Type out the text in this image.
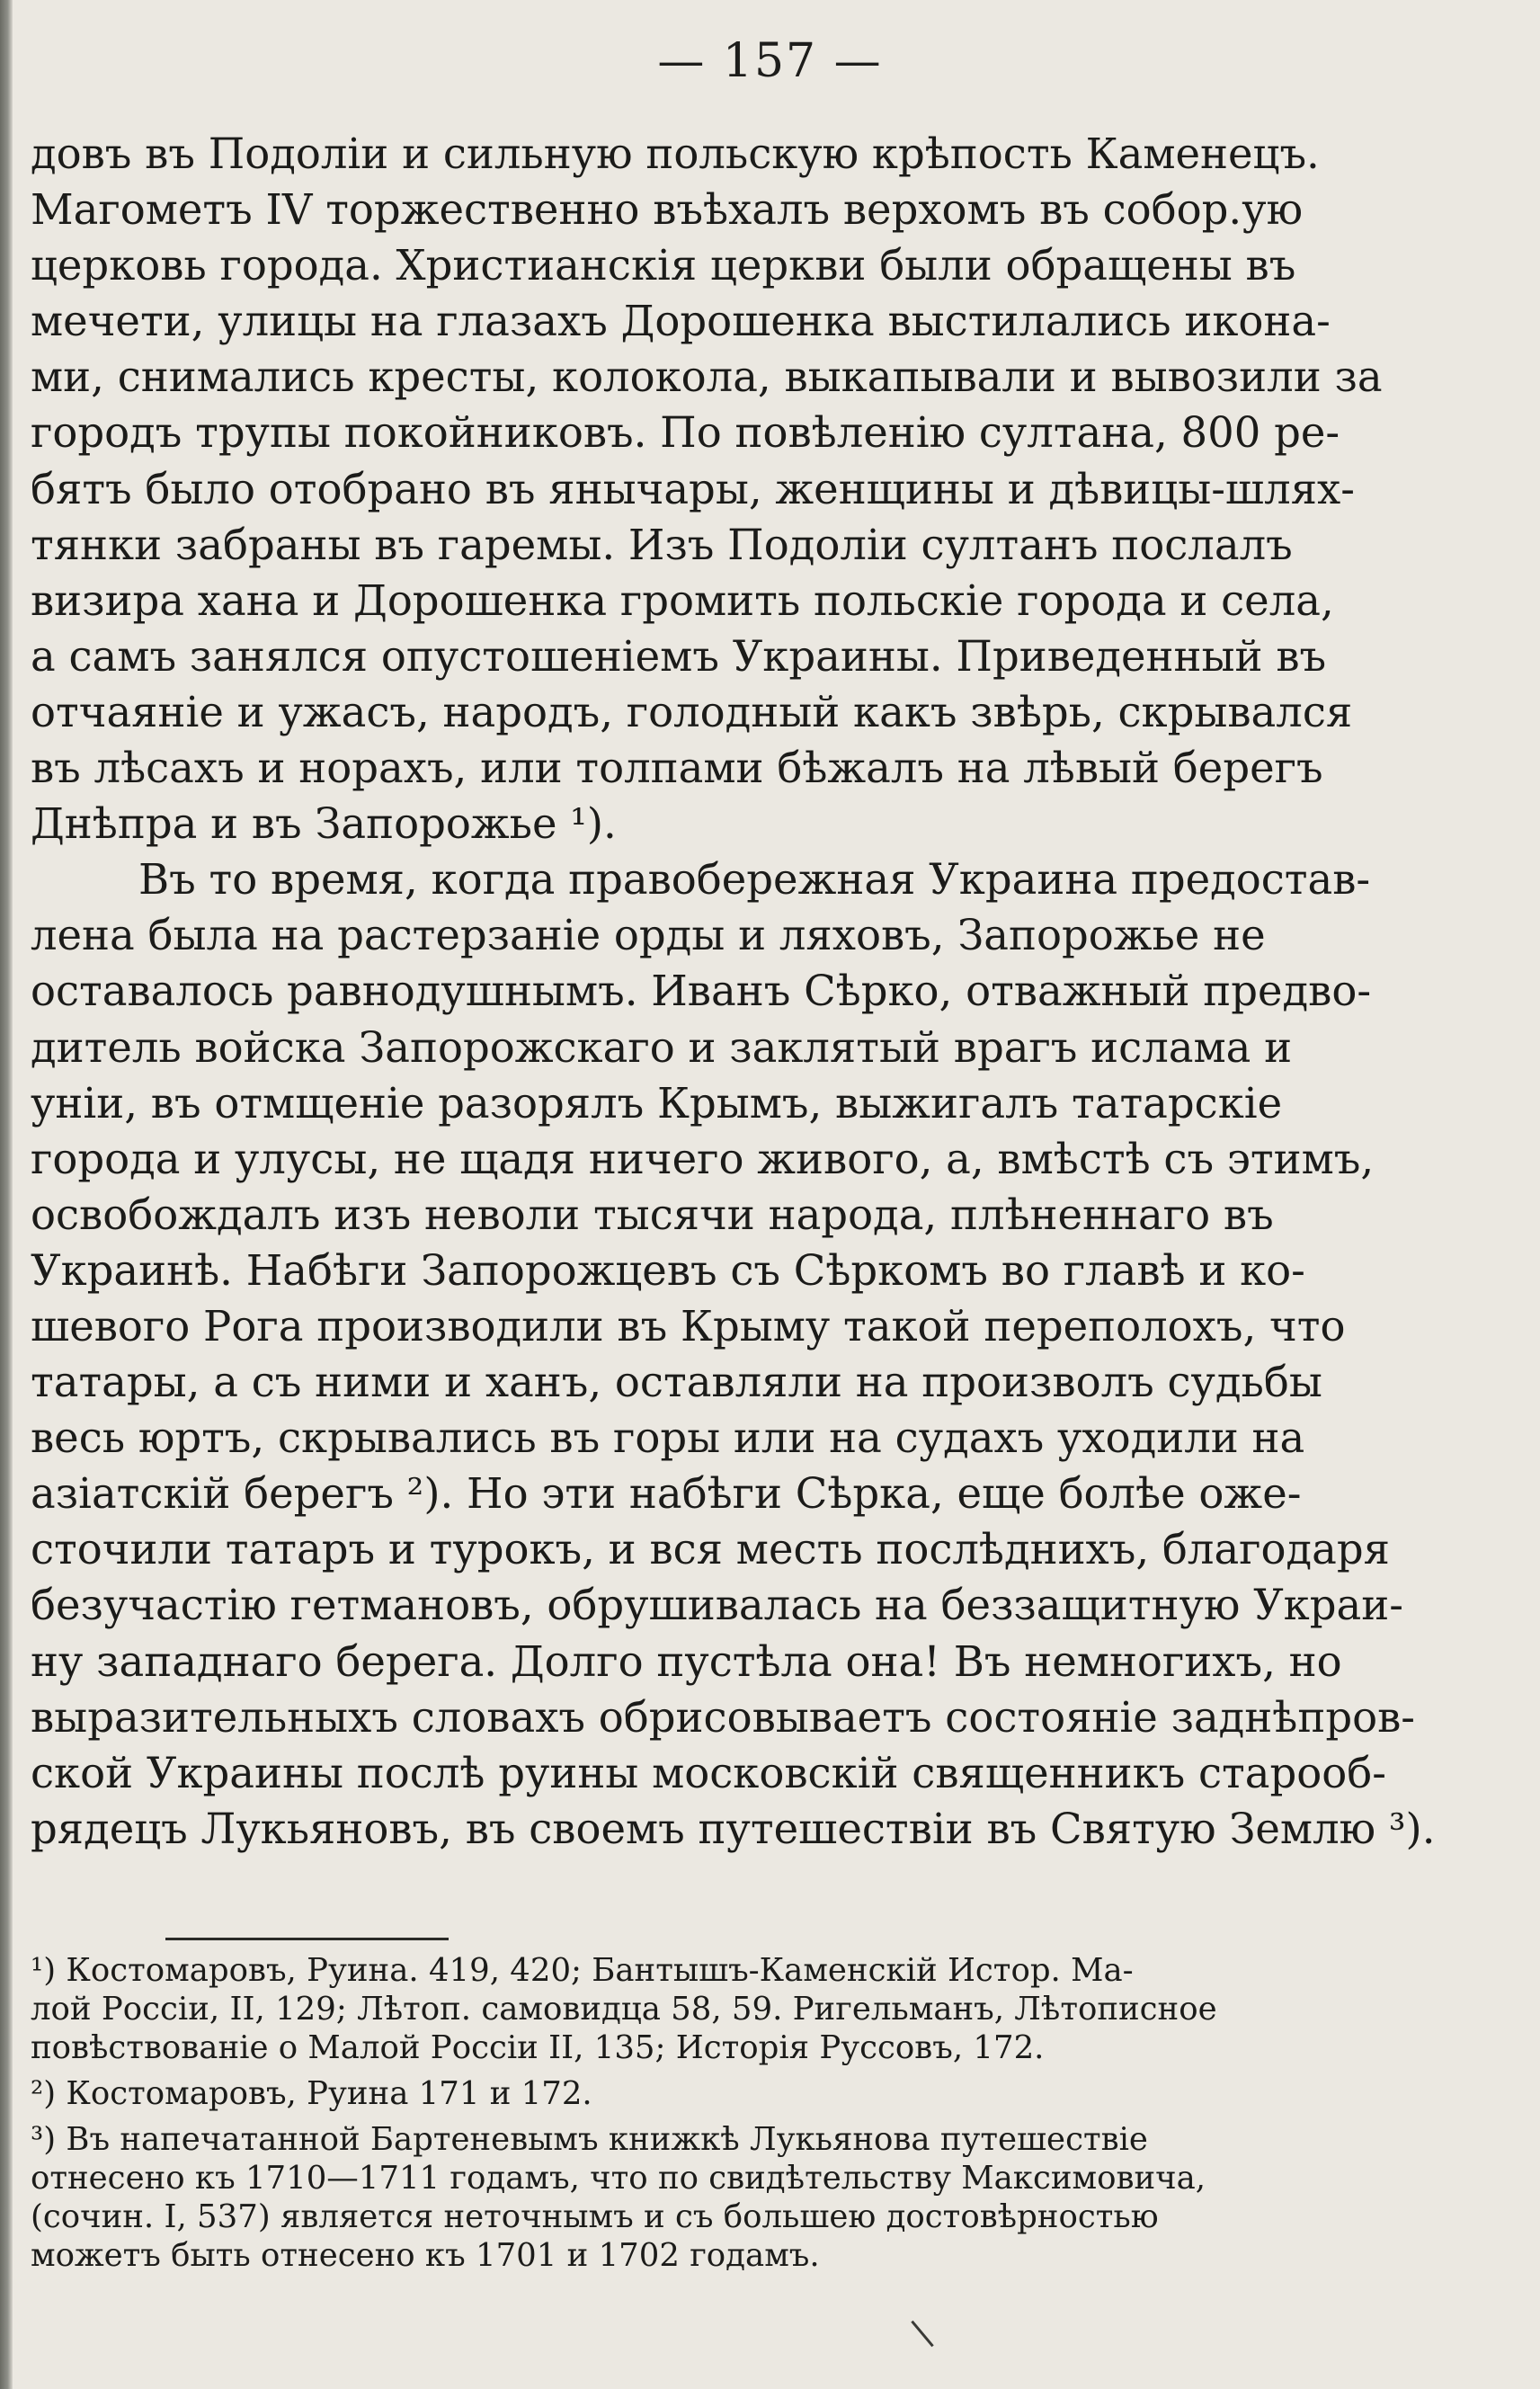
— 157 —
довъ въ Подоліи и сильную польскую крѣпость Каменецъ.
Магометъ IV торжественно въѣхалъ верхомъ въ собор.ую
церковь города. Христианскія церкви были обращены въ
мечети, улицы на глазахъ Дорошенка выстилались икона-
ми, снимались кресты, колокола, выкапывали и вывозили за
городъ трупы покойниковъ. По повѣленію султана, 800 ре-
бятъ было отобрано въ янычары, женщины и дѣвицы-шлях-
тянки забраны въ гаремы. Изъ Подоліи султанъ послалъ
визира хана и Дорошенка громить польскіе города и села,
а самъ занялся опустошеніемъ Украины. Приведенный въ
отчаяніе и ужасъ, народъ, голодный какъ звѣрь, скрывался
въ лѣсахъ и норахъ, или толпами бѣжалъ на лѣвый берегъ
Днѣпра и въ Запорожье ¹).
Въ то время, когда правобережная Украина предостав-
лена была на растерзаніе орды и ляховъ, Запорожье не
оставалось равнодушнымъ. Иванъ Сѣрко, отважный предво-
дитель войска Запорожскаго и заклятый врагъ ислама и
уніи, въ отмщеніе разорялъ Крымъ, выжигалъ татарскіе
города и улусы, не щадя ничего живого, а, вмѣстѣ съ этимъ,
освобождалъ изъ неволи тысячи народа, плѣненнаго въ
Украинѣ. Набѣги Запорожцевъ съ Сѣркомъ во главѣ и ко-
шевого Рога производили въ Крыму такой переполохъ, что
татары, а съ ними и ханъ, оставляли на произволъ судьбы
весь юртъ, скрывались въ горы или на судахъ уходили на
азіатскій берегъ ²). Но эти набѣги Сѣрка, еще болѣе оже-
сточили татаръ и турокъ, и вся месть послѣднихъ, благодаря
безучастію гетмановъ, обрушивалась на беззащитную Украи-
ну западнаго берега. Долго пустѣла она! Въ немногихъ, но
выразительныхъ словахъ обрисовываетъ состояніе заднѣпров-
ской Украины послѣ руины московскій священникъ старооб-
рядецъ Лукьяновъ, въ своемъ путешествіи въ Святую Землю ³).
¹) Костомаровъ, Руина. 419, 420; Бантышъ-Каменскій Истор. Ма-
лой Россіи, II, 129; Лѣтоп. самовидца 58, 59. Ригельманъ, Лѣтописное
повѣствованіе о Малой Россіи II, 135; Исторія Руссовъ, 172.
²) Костомаровъ, Руина 171 и 172.
³) Въ напечатанной Бартеневымъ книжкѣ Лукьянова путешествіе
отнесено къ 1710—1711 годамъ, что по свидѣтельству Максимовича,
(сочин. I, 537) является неточнымъ и съ большею достовѣрностью
можетъ быть отнесено къ 1701 и 1702 годамъ.
